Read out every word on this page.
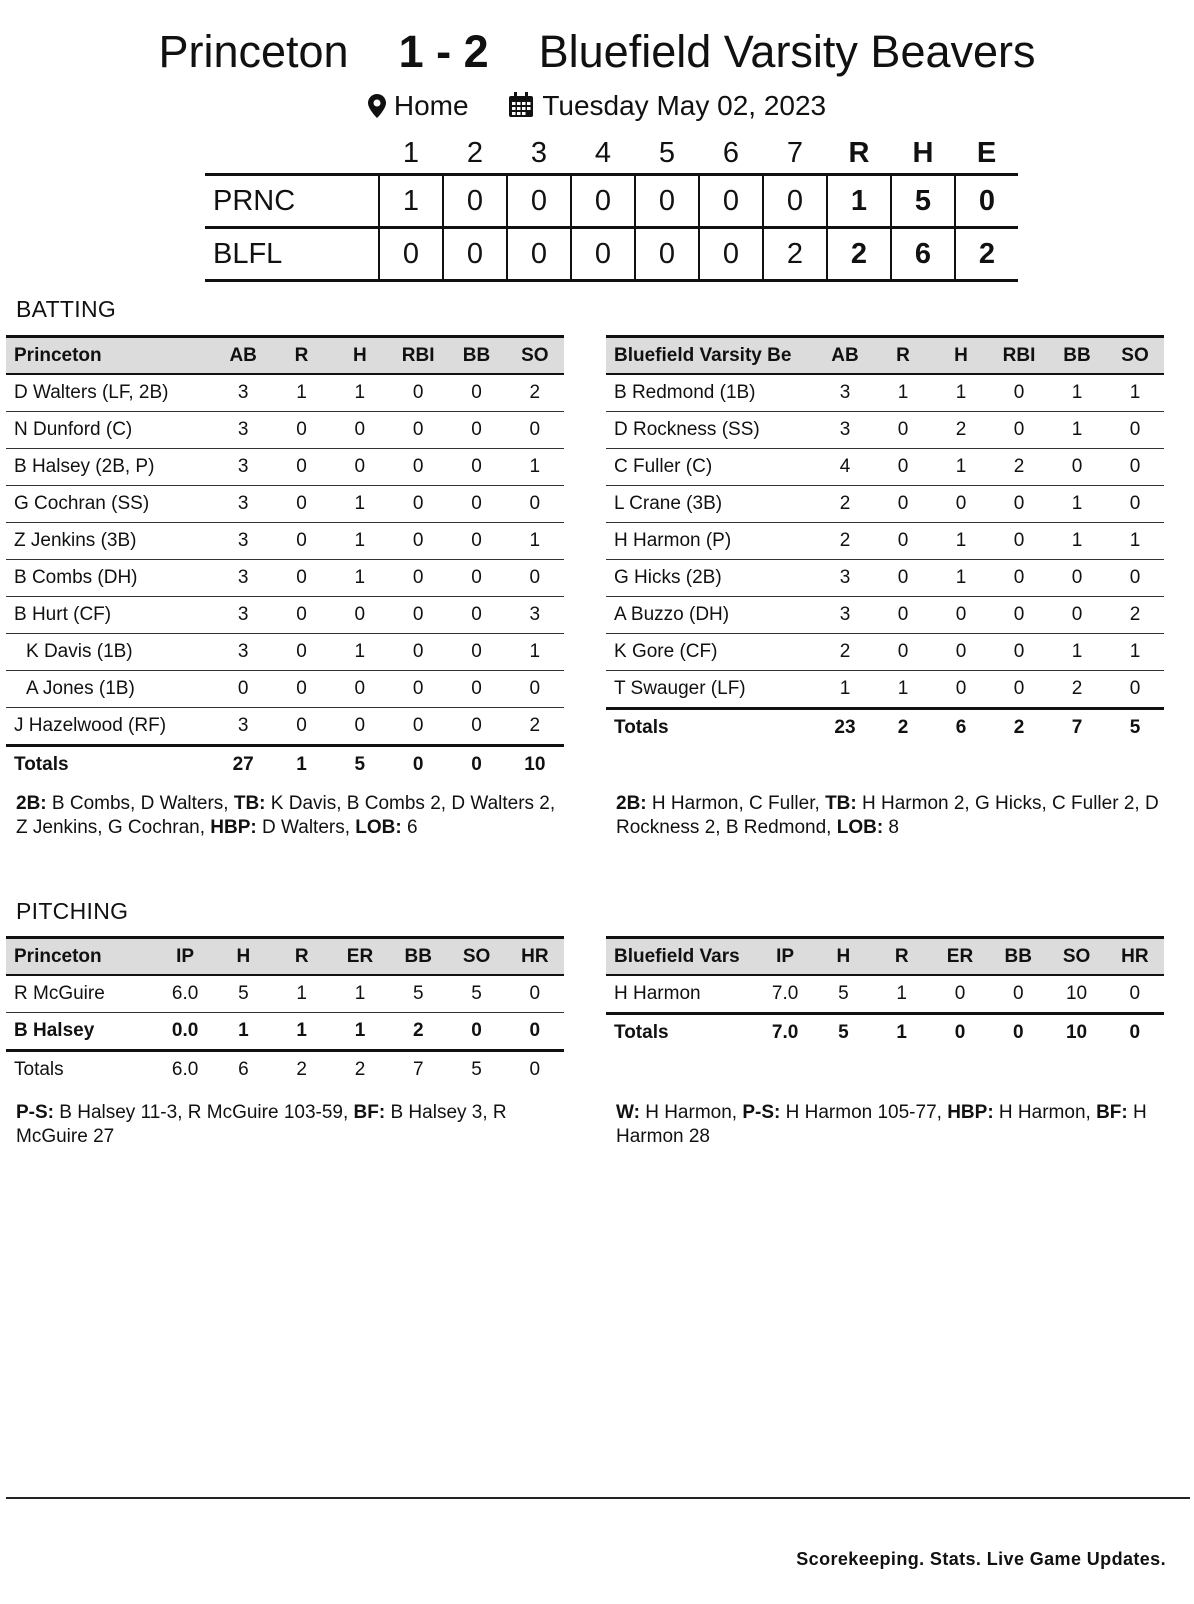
Princeton 1 - 2 Bluefield Varsity Beavers
Home	Tuesday May 02, 2023
	1	2	3	4	5	6	7	R	H	E
PRNC	1	0	0	0	0	0	0	1	5	0
BLFL	0	0	0	0	0	0	2	2	6	2
BATTING
Princeton	AB	R	H	RBI	BB	SO
D Walters (LF, 2B)	3	1	1	0	0	2
N Dunford (C)	3	0	0	0	0	0
B Halsey (2B, P)	3	0	0	0	0	1
G Cochran (SS)	3	0	1	0	0	0
Z Jenkins (3B)	3	0	1	0	0	1
B Combs (DH)	3	0	1	0	0	0
B Hurt (CF)	3	0	0	0	0	3
K Davis (1B)	3	0	1	0	0	1
A Jones (1B)	0	0	0	0	0	0
J Hazelwood (RF)	3	0	0	0	0	2
Totals	27	1	5	0	0	10
Bluefield Varsity Be	AB	R	H	RBI	BB	SO
B Redmond (1B)	3	1	1	0	1	1
D Rockness (SS)	3	0	2	0	1	0
C Fuller (C)	4	0	1	2	0	0
L Crane (3B)	2	0	0	0	1	0
H Harmon (P)	2	0	1	0	1	1
G Hicks (2B)	3	0	1	0	0	0
A Buzzo (DH)	3	0	0	0	0	2
K Gore (CF)	2	0	0	0	1	1
T Swauger (LF)	1	1	0	0	2	0
Totals	23	2	6	2	7	5
2B: B Combs, D Walters, TB: K Davis, B Combs 2, D Walters 2, Z Jenkins, G Cochran, HBP: D Walters, LOB: 6
2B: H Harmon, C Fuller, TB: H Harmon 2, G Hicks, C Fuller 2, D Rockness 2, B Redmond, LOB: 8
PITCHING
Princeton	IP	H	R	ER	BB	SO	HR
R McGuire	6.0	5	1	1	5	5	0
B Halsey	0.0	1	1	1	2	0	0
Totals	6.0	6	2	2	7	5	0
Bluefield Vars	IP	H	R	ER	BB	SO	HR
H Harmon	7.0	5	1	0	0	10	0
Totals	7.0	5	1	0	0	10	0
P-S: B Halsey 11-3, R McGuire 103-59, BF: B Halsey 3, R McGuire 27
W: H Harmon, P-S: H Harmon 105-77, HBP: H Harmon, BF: H Harmon 28
Scorekeeping. Stats. Live Game Updates.
